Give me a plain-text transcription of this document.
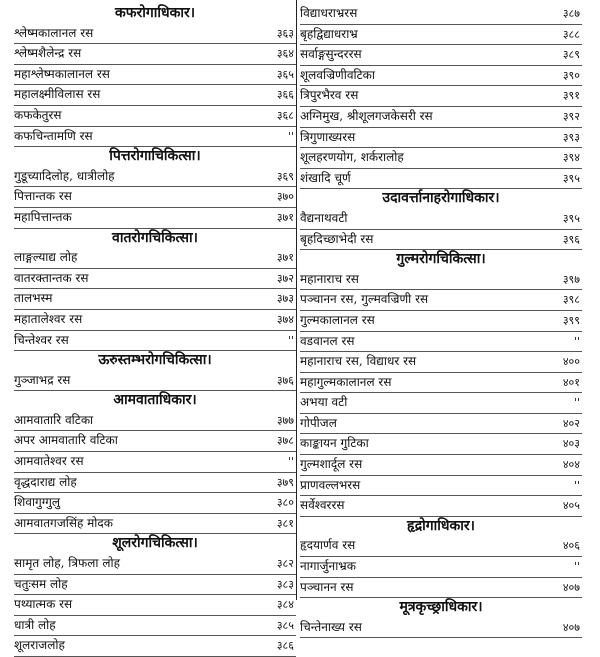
कफरोगाधिकार।
श्लेष्मकालानल रस	३६३
श्लेष्मशैलेन्द्र रस	३६४
महाश्लेष्मकालानल रस	३६५
महालक्ष्मीविलास रस	३६६
कफकेतुरस	३६८
कफचिन्तामणि रस	''
पित्तरोगाचिकित्सा।
गुडूच्यादिलोह, धात्रीलोह	३६९
पित्तान्तक रस	३७०
महापित्तान्तक	३७१
वातरोगचिकित्सा।
लाङ्गल्याद्य लोह	३७१
वातरक्तान्तक रस	३७२
तालभस्म	३७३
महातालेश्वर रस	३७४
चिन्तेश्वर रस	''
ऊरुस्तम्भरोगचिकित्सा।
गुञ्जाभद्र रस	३७६
आमवाताधिकार।
आमवातारि वटिका	३७७
अपर आमवातारि वटिका	३७८
आमवातेश्वर रस	''
वृद्धदाराद्य लोह	३७९
शिवागुग्गुलु	३८०
आमवातगजसिंह मोदक	३८१
शूलरोगचिकित्सा।
सामृत लोह, त्रिफला लोह	३८२
चतुःसम लोह	३८३
पथ्यात्मक रस	३८४
धात्री लोह	३८५
शूलराजलोह	३८६
विद्याधराभ्ररस	३८७
बृहद्विद्याधराभ्र	३८८
सर्वाङ्गसुन्दररस	३८९
शूलवज्रिणीवटिका	३९०
त्रिपुरभैरव रस	३९१
अग्निमुख, श्रीशूलगजकेसरी रस	३९२
त्रिगुणाख्यरस	३९३
शूलहरणयोग, शर्करालोह	३९४
शंखादि चूर्ण	३९५
उदावर्त्तानाहरोगाधिकार।
वैद्यनाथवटी	३९५
बृहदिच्छाभेदी रस	३९६
गुल्मरोगचिकित्सा।
महानाराच रस	३९७
पञ्चानन रस, गुल्मवज्रिणी रस	३९८
गुल्मकालानल रस	३९९
वडवानल रस	''
महानाराच रस, विद्याधर रस	४००
महागुल्मकालानल रस	४०१
अभया वटी	''
गोपीजल	४०२
काङ्कायन गुटिका	४०३
गुल्मशार्दूल रस	४०४
प्राणवल्लभरस	''
सर्वेश्वररस	४०५
हृद्रोगाधिकार।
हृदयार्णव रस	४०६
नागार्जुनाभ्रक	''
पञ्चानन रस	४०७
मूत्रकृच्छ्राधिकार।
चिन्तेनाख्य रस	४०७
